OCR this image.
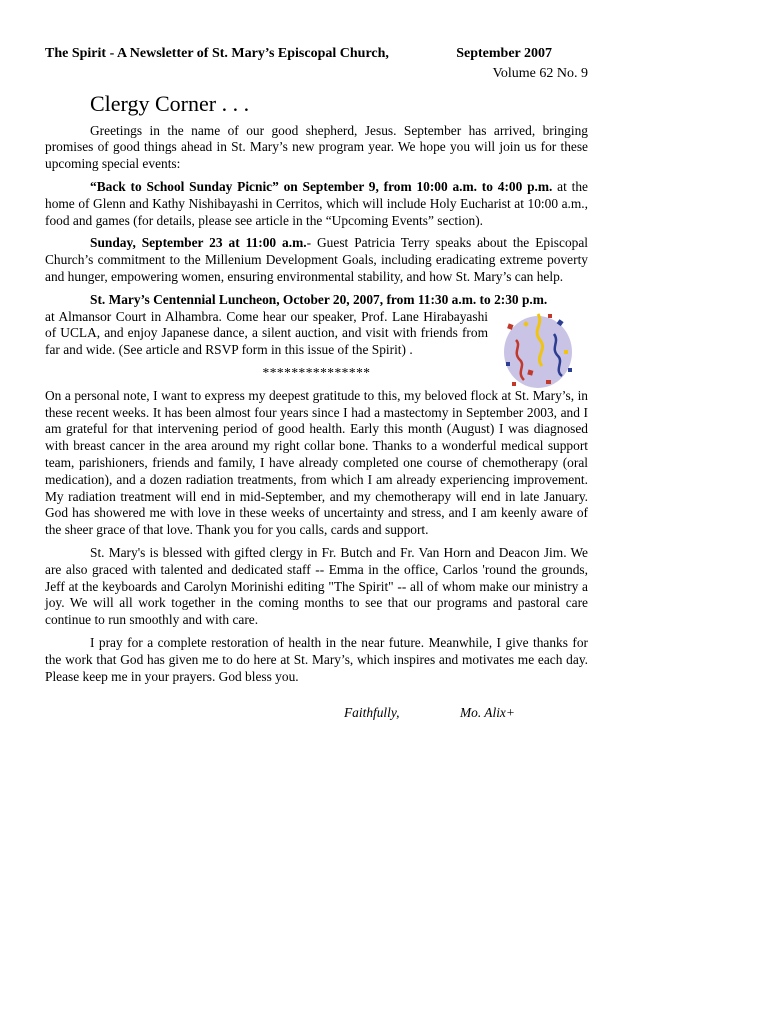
The Spirit - A Newsletter of St. Mary’s Episcopal Church,	September 2007
Volume 62 No. 9
Clergy Corner . . .

Greetings in the name of our good shepherd, Jesus. September has arrived, bringing promises of good things ahead in St. Mary’s new program year. We hope you will join us for these upcoming special events:

“Back to School Sunday Picnic” on September 9, from 10:00 a.m. to 4:00 p.m. at the home of Glenn and Kathy Nishibayashi in Cerritos, which will include Holy Eucharist at 10:00 a.m., food and games (for details, please see article in the “Upcoming Events” section).

Sunday, September 23 at 11:00 a.m.- Guest Patricia Terry speaks about the Episcopal Church’s commitment to the Millenium Development Goals, including eradicating extreme poverty and hunger, empowering women, ensuring environmental stability, and how St. Mary’s can help.

St. Mary’s Centennial Luncheon, October 20, 2007, from 11:30 a.m. to 2:30 p.m.

at Almansor Court in Alhambra. Come hear our speaker, Prof. Lane Hirabayashi of UCLA, and enjoy Japanese dance, a silent auction, and visit with friends from far and wide. (See article and RSVP form in this issue of the Spirit) .

***************

On a personal note, I want to express my deepest gratitude to this, my beloved flock at St. Mary’s, in these recent weeks. It has been almost four years since I had a mastectomy in September 2003, and I am grateful for that intervening period of good health. Early this month (August) I was diagnosed with breast cancer in the area around my right collar bone. Thanks to a wonderful medical support team, parishioners, friends and family, I have already completed one course of chemotherapy (oral medication), and a dozen radiation treatments, from which I am already experiencing improvement. My radiation treatment will end in mid-September, and my chemotherapy will end in late January. God has showered me with love in these weeks of uncertainty and stress, and I am keenly aware of the sheer grace of that love. Thank you for you calls, cards and support.

St. Mary's is blessed with gifted clergy in Fr. Butch and Fr. Van Horn and Deacon Jim. We are also graced with talented and dedicated staff -- Emma in the office, Carlos 'round the grounds, Jeff at the keyboards and Carolyn Morinishi editing "The Spirit" -- all of whom make our ministry a joy. We will all work together in the coming months to see that our programs and pastoral care continue to run smoothly and with care.

I pray for a complete restoration of health in the near future. Meanwhile, I give thanks for the work that God has given me to do here at St. Mary’s, which inspires and motivates me each day. Please keep me in your prayers. God bless you.

Faithfully,	Mo. Alix+
